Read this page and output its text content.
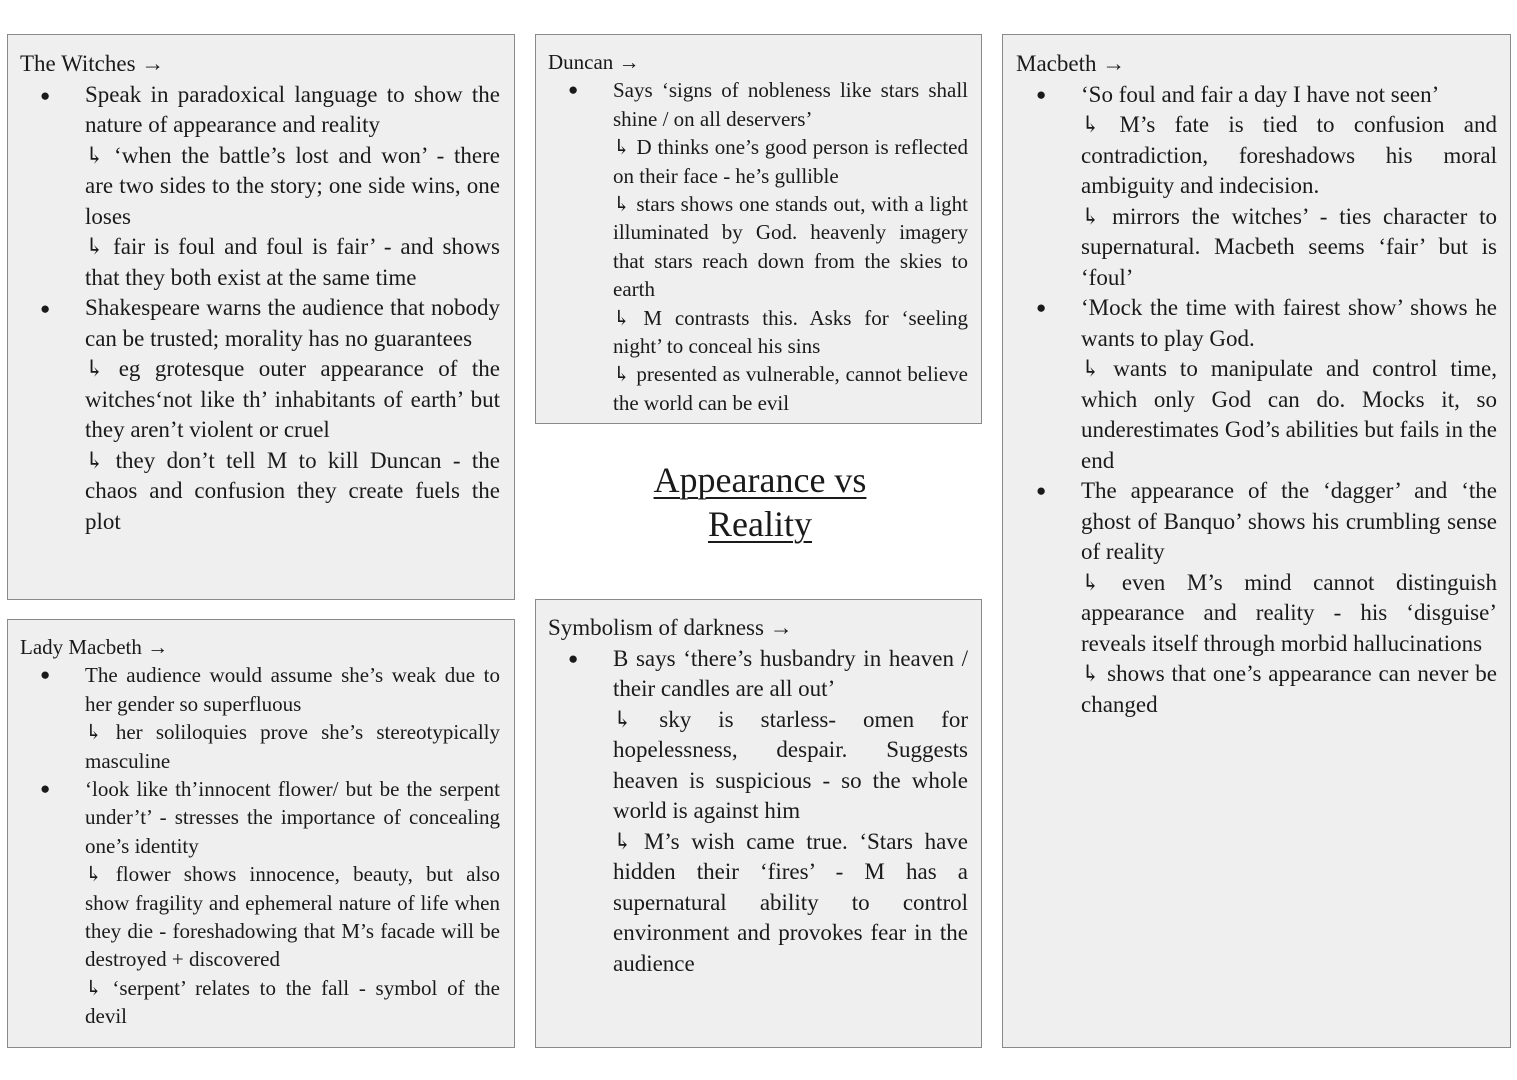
The Witches →

● Speak in paradoxical language to show the nature of appearance and reality
↳ ‘when the battle’s lost and won’ - there are two sides to the story; one side wins, one loses
↳ fair is foul and foul is fair’ - and shows that they both exist at the same time
● Shakespeare warns the audience that nobody can be trusted; morality has no guarantees
↳ eg grotesque outer appearance of the witches‘not like th’ inhabitants of earth’ but they aren’t violent or cruel
↳ they don’t tell M to kill Duncan - the chaos and confusion they create fuels the plot

Lady Macbeth →

● The audience would assume she’s weak due to her gender so superfluous
↳ her soliloquies prove she’s stereotypically masculine
● ‘look like th’innocent flower/ but be the serpent under’t’ - stresses the importance of concealing one’s identity
↳ flower shows innocence, beauty, but also show fragility and ephemeral nature of life when they die - foreshadowing that M’s facade will be destroyed + discovered
↳ ‘serpent’ relates to the fall - symbol of the devil

Duncan →

● Says ‘signs of nobleness like stars shall shine / on all deservers’
↳ D thinks one’s good person is reflected on their face - he’s gullible
↳ stars shows one stands out, with a light illuminated by God. heavenly imagery that stars reach down from the skies to earth
↳ M contrasts this. Asks for ‘seeling night’ to conceal his sins
↳ presented as vulnerable, cannot believe the world can be evil
Appearance vs
Reality

Symbolism of darkness →

● B says ‘there’s husbandry in heaven / their candles are all out’
↳ sky is starless- omen for hopelessness, despair. Suggests heaven is suspicious - so the whole world is against him
↳ M’s wish came true. ‘Stars have hidden their ‘fires’ - M has a supernatural ability to control environment and provokes fear in the audience

Macbeth →

● ‘So foul and fair a day I have not seen’
↳ M’s fate is tied to confusion and contradiction, foreshadows his moral ambiguity and indecision.
↳ mirrors the witches’ - ties character to supernatural. Macbeth seems ‘fair’ but is ‘foul’
● ‘Mock the time with fairest show’ shows he wants to play God.
↳ wants to manipulate and control time, which only God can do. Mocks it, so underestimates God’s abilities but fails in the end
● The appearance of the ‘dagger’ and ‘the ghost of Banquo’ shows his crumbling sense of reality
↳ even M’s mind cannot distinguish appearance and reality - his ‘disguise’ reveals itself through morbid hallucinations
↳ shows that one’s appearance can never be changed
